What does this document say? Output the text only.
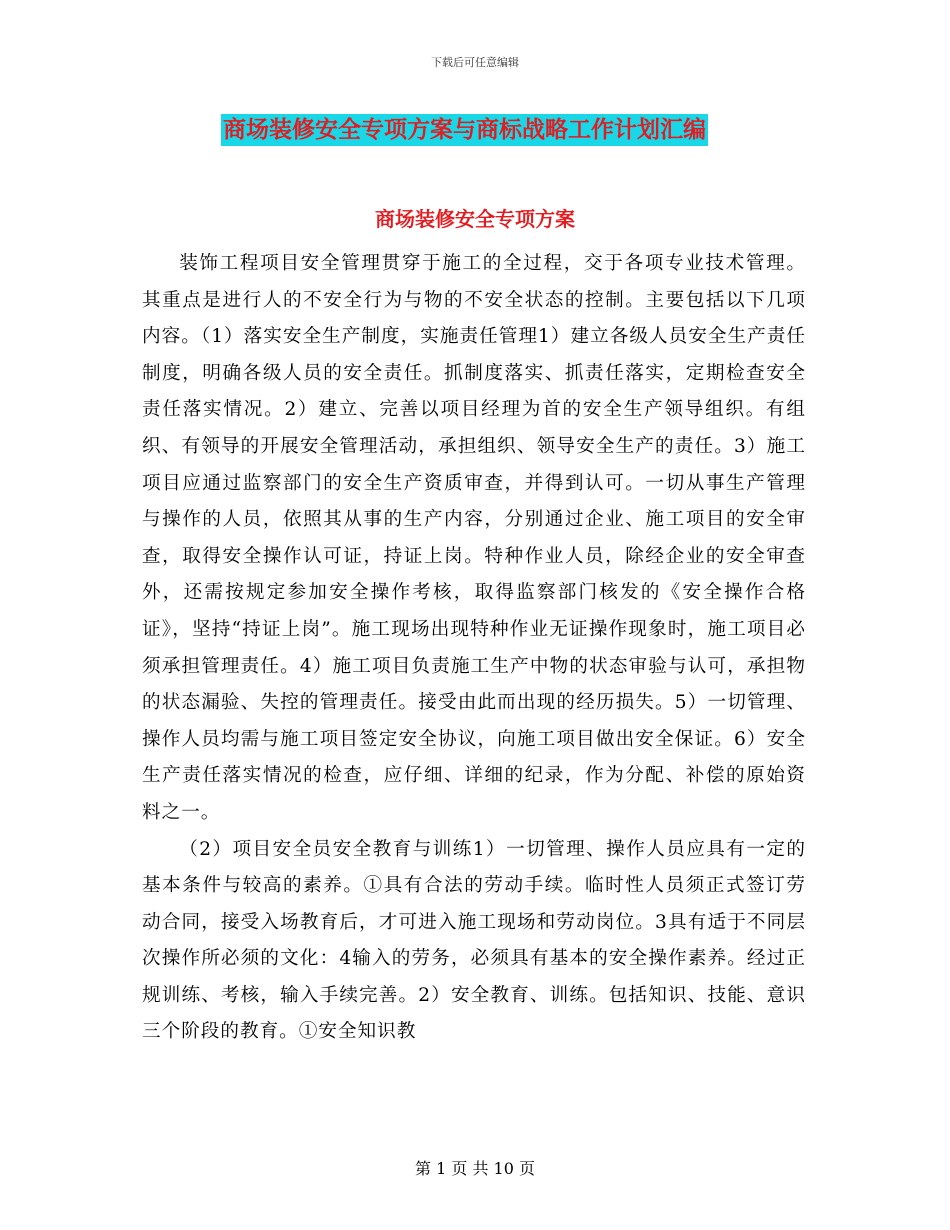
下载后可任意编辑
商场装修安全专项方案与商标战略工作计划汇编
商场装修安全专项方案

装饰工程项目安全管理贯穿于施工的全过程，交于各项专业技术管理。其重点是进行人的不安全行为与物的不安全状态的控制。主要包括以下几项内容。（1）落实安全生产制度，实施责任管理1）建立各级人员安全生产责任制度，明确各级人员的安全责任。抓制度落实、抓责任落实，定期检查安全责任落实情况。2）建立、完善以项目经理为首的安全生产领导组织。有组织、有领导的开展安全管理活动，承担组织、领导安全生产的责任。3）施工项目应通过监察部门的安全生产资质审查，并得到认可。一切从事生产管理与操作的人员，依照其从事的生产内容，分别通过企业、施工项目的安全审查，取得安全操作认可证，持证上岗。特种作业人员，除经企业的安全审查外，还需按规定参加安全操作考核，取得监察部门核发的《安全操作合格证》，坚持“持证上岗”。施工现场出现特种作业无证操作现象时，施工项目必须承担管理责任。4）施工项目负责施工生产中物的状态审验与认可，承担物的状态漏验、失控的管理责任。接受由此而出现的经历损失。5）一切管理、操作人员均需与施工项目签定安全协议，向施工项目做出安全保证。6）安全生产责任落实情况的检查，应仔细、详细的纪录，作为分配、补偿的原始资料之一。

（2）项目安全员安全教育与训练1）一切管理、操作人员应具有一定的基本条件与较高的素养。①具有合法的劳动手续。临时性人员须正式签订劳动合同，接受入场教育后，才可进入施工现场和劳动岗位。3具有适于不同层次操作所必须的文化：4输入的劳务，必须具有基本的安全操作素养。经过正规训练、考核，输入手续完善。2）安全教育、训练。包括知识、技能、意识三个阶段的教育。①安全知识教

第 1 页 共 10 页
